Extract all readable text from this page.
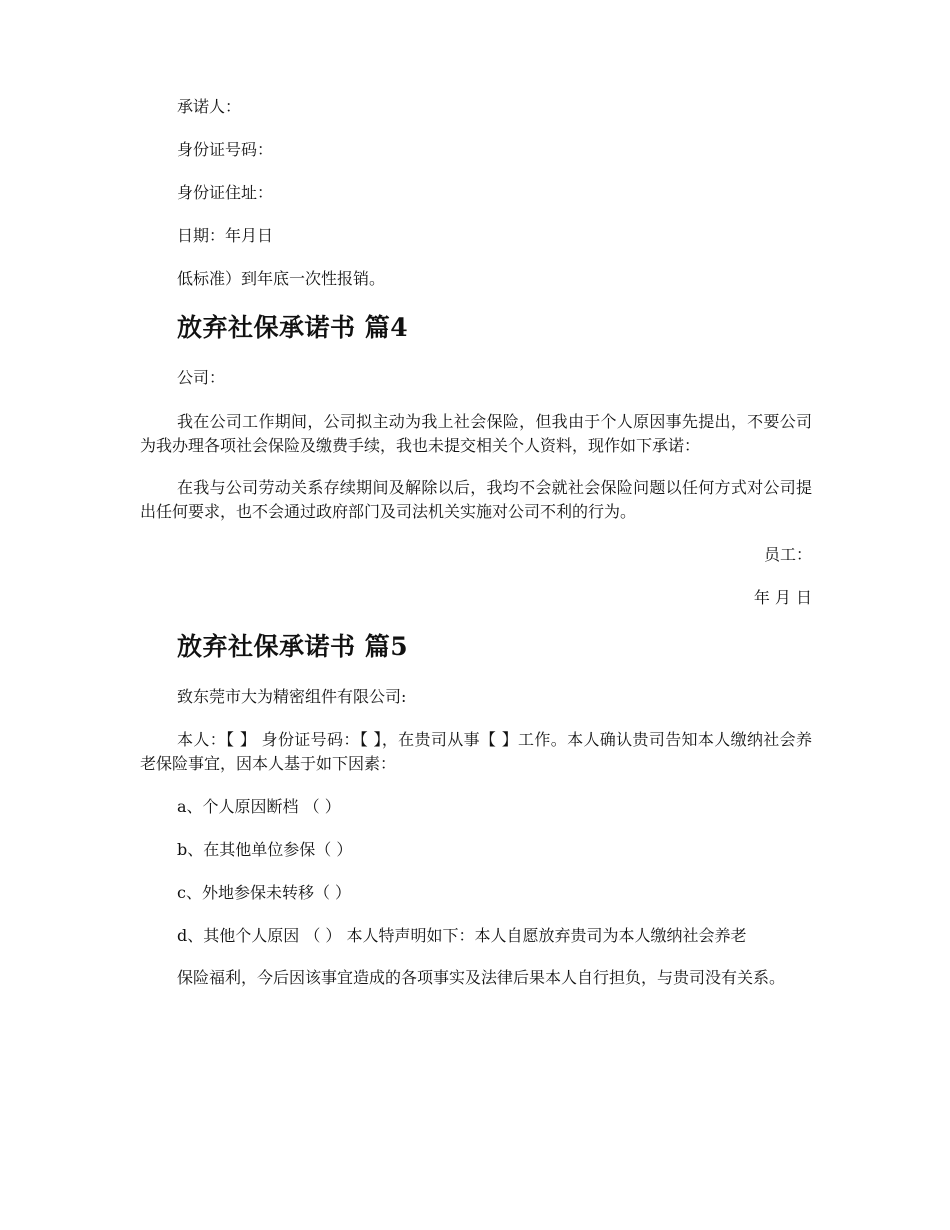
承诺人：

身份证号码：

身份证住址：

日期：年月日

低标准）到年底一次性报销。

放弃社保承诺书 篇4

公司：

我在公司工作期间，公司拟主动为我上社会保险，但我由于个人原因事先提出，不要公司为我办理各项社会保险及缴费手续，我也未提交相关个人资料，现作如下承诺：

在我与公司劳动关系存续期间及解除以后，我均不会就社会保险问题以任何方式对公司提出任何要求，也不会通过政府部门及司法机关实施对公司不利的行为。

员工：

年 月 日

放弃社保承诺书 篇5

致东莞市大为精密组件有限公司:

本人：【 】 身份证号码：【 】，在贵司从事【 】工作。本人确认贵司告知本人缴纳社会养老保险事宜，因本人基于如下因素：

a、个人原因断档 （ ）

b、在其他单位参保（ ）

c、外地参保未转移（ ）

d、其他个人原因 （ ） 本人特声明如下：本人自愿放弃贵司为本人缴纳社会养老

保险福利，今后因该事宜造成的各项事实及法律后果本人自行担负，与贵司没有关系。
